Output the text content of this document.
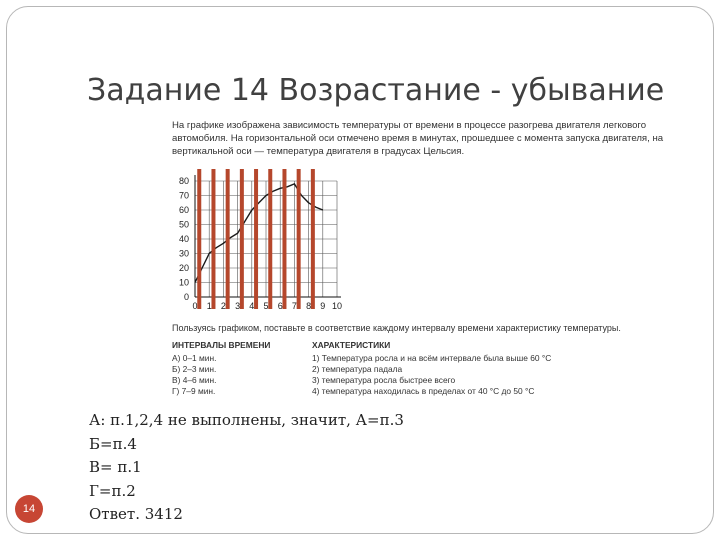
Задание 14 Возрастание - убывание
На графике изображена зависимость температуры от времени в процессе разогрева двигателя легкового автомобиля. На горизонтальной оси отмечено время в минутах, прошедшее с момента запуска двигателя, на вертикальной оси — температура двигателя в градусах Цельсия.
0
10
20
30
40
50
60
70
80
0 1 2 3 4 5 6 7 8 9 10
Пользуясь графиком, поставьте в соответствие каждому интервалу времени характеристику температуры.
ИНТЕРВАЛЫ ВРЕМЕНИ
А) 0–1 мин.
Б) 2–3 мин.
В) 4–6 мин.
Г) 7–9 мин.
ХАРАКТЕРИСТИКИ
1) Температура росла и на всём интервале была выше 60 °С
2) температура падала
3) температура росла быстрее всего
4) температура находилась в пределах от 40 °С до 50 °С
А: п.1,2,4 не выполнены, значит, А=п.3
Б=п.4
В= п.1
Г=п.2
Ответ. 3412
14
